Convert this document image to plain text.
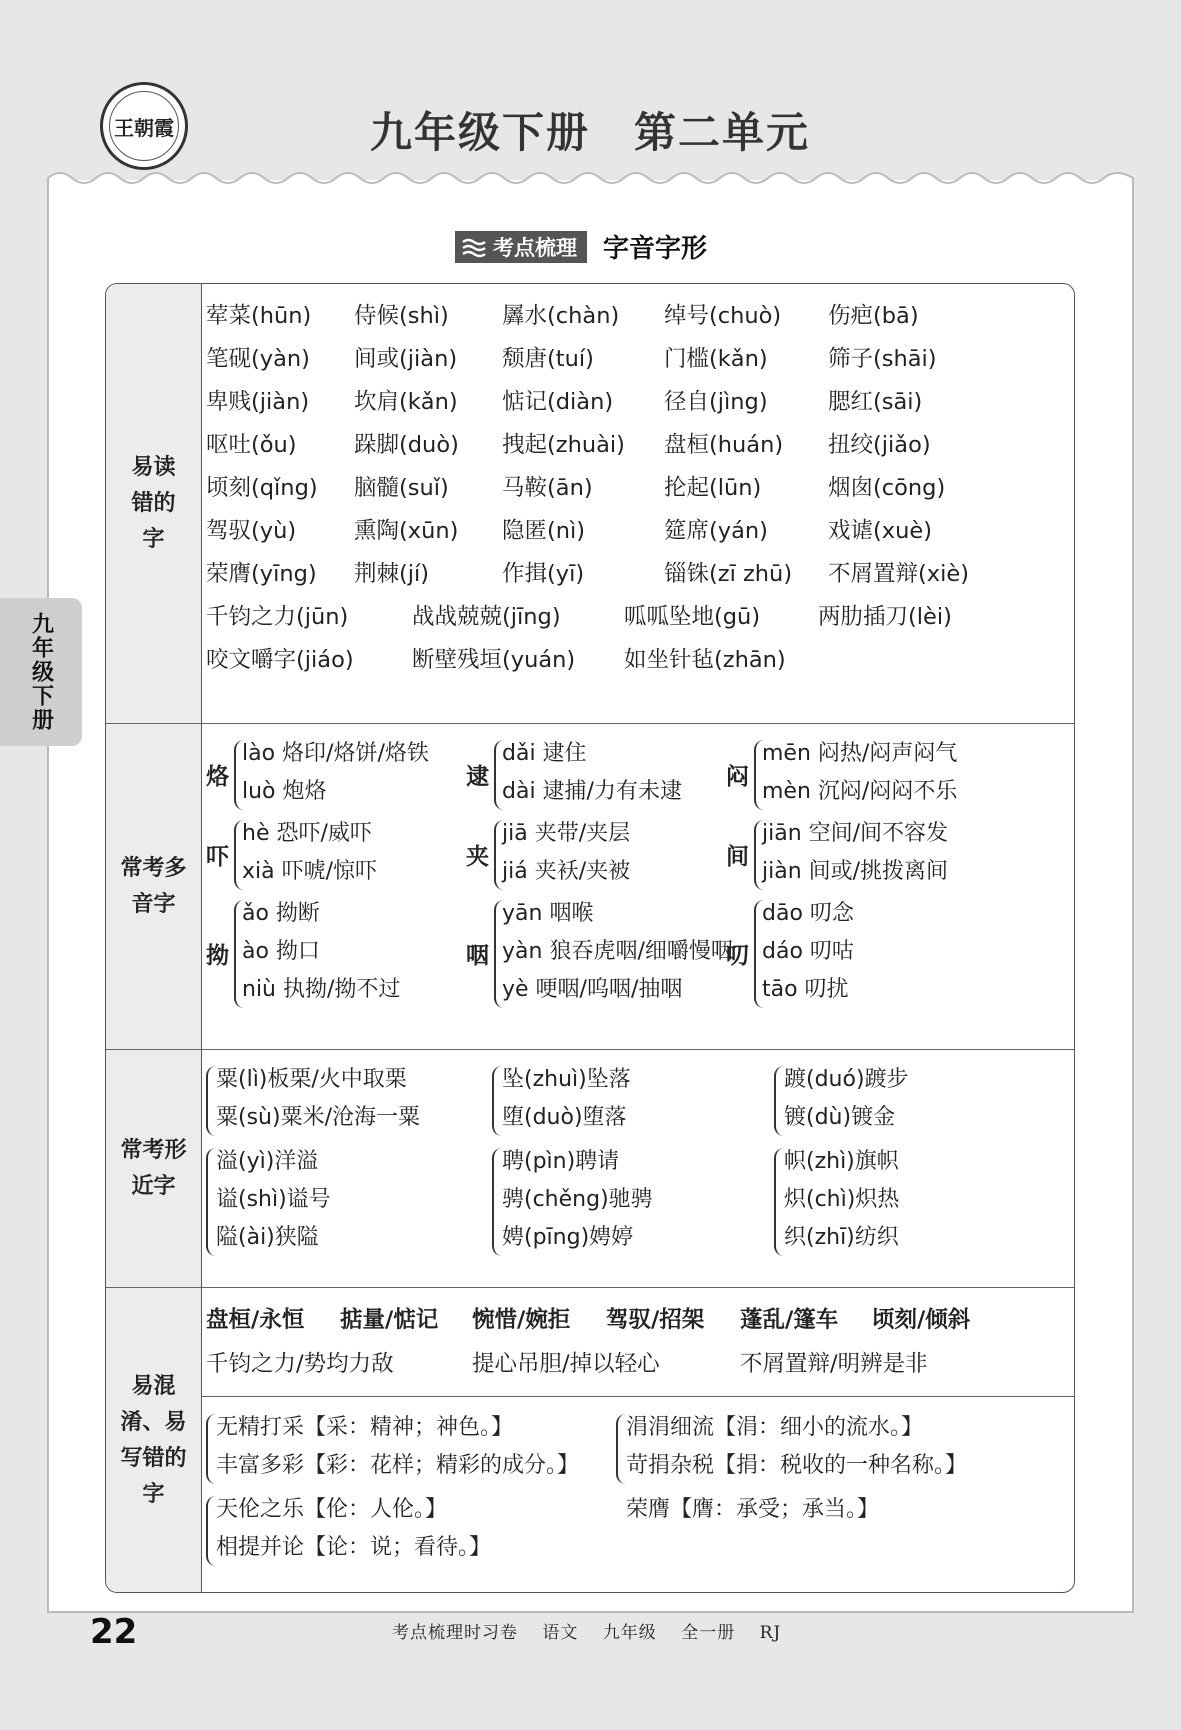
王朝霞	九年级下册　第二单元
考点梳理 字音字形
九年级下册
易读错的字
荤菜(hūn) 侍候(shì) 羼水(chàn) 绰号(chuò) 伤疤(bā)
笔砚(yàn) 间或(jiàn) 颓唐(tuí)	门槛(kǎn)	筛子(shāi)
卑贱(jiàn) 坎肩(kǎn) 惦记(diàn) 径自(jìng)	腮红(sāi)
呕吐(ǒu)	跺脚(duò) 拽起(zhuài) 盘桓(huán) 扭绞(jiǎo)
顷刻(qǐng) 脑髓(suǐ) 马鞍(ān)	抡起(lūn)	烟囱(cōng)
驾驭(yù)	熏陶(xūn) 隐匿(nì)	筵席(yán)	戏谑(xuè)
荣膺(yīng) 荆棘(jí)	作揖(yī)	锱铢(zī zhū) 不屑置辩(xiè)
千钧之力(jūn)	战战兢兢(jīng)	呱呱坠地(gū)	两肋插刀(lèi)
咬文嚼字(jiáo)	断壁残垣(yuán) 如坐针毡(zhān)
常考多音字
烙
lào 烙印/烙饼/烙铁
luò 炮烙
逮
dǎi 逮住
dài 逮捕/力有未逮
闷
mēn 闷热/闷声闷气
mèn 沉闷/闷闷不乐
吓
hè 恐吓/威吓
xià 吓唬/惊吓
夹
jiā 夹带/夹层
jiá 夹袄/夹被
间
jiān 空间/间不容发
jiàn 间或/挑拨离间
拗
ǎo 拗断
ào 拗口
niù 执拗/拗不过
咽
yān 咽喉
yàn 狼吞虎咽/细嚼慢咽
yè 哽咽/呜咽/抽咽
叨
dāo 叨念
dáo 叨咕
tāo 叨扰
常考形近字
粟(lì)板栗/火中取栗
粟(sù)粟米/沧海一粟
坠(zhuì)坠落
堕(duò)堕落
踱(duó)踱步
镀(dù)镀金
溢(yì)洋溢
谥(shì)谥号
隘(ài)狭隘
聘(pìn)聘请
骋(chěng)驰骋
娉(pīng)娉婷
帜(zhì)旗帜
炽(chì)炽热
织(zhī)纺织
易混淆、易写错的字
盘桓/永恒 掂量/惦记 惋惜/婉拒 驾驭/招架 蓬乱/篷车 顷刻/倾斜
千钧之力/势均力敌	提心吊胆/掉以轻心	不屑置辩/明辨是非
无精打采【采：精神；神色。】
丰富多彩【彩：花样；精彩的成分。】
涓涓细流【涓：细小的流水。】
苛捐杂税【捐：税收的一种名称。】
天伦之乐【伦：人伦。】
相提并论【论：说；看待。】
荣膺【膺：承受；承当。】
22	考点梳理时习卷 语文 九年级 全一册 RJ
